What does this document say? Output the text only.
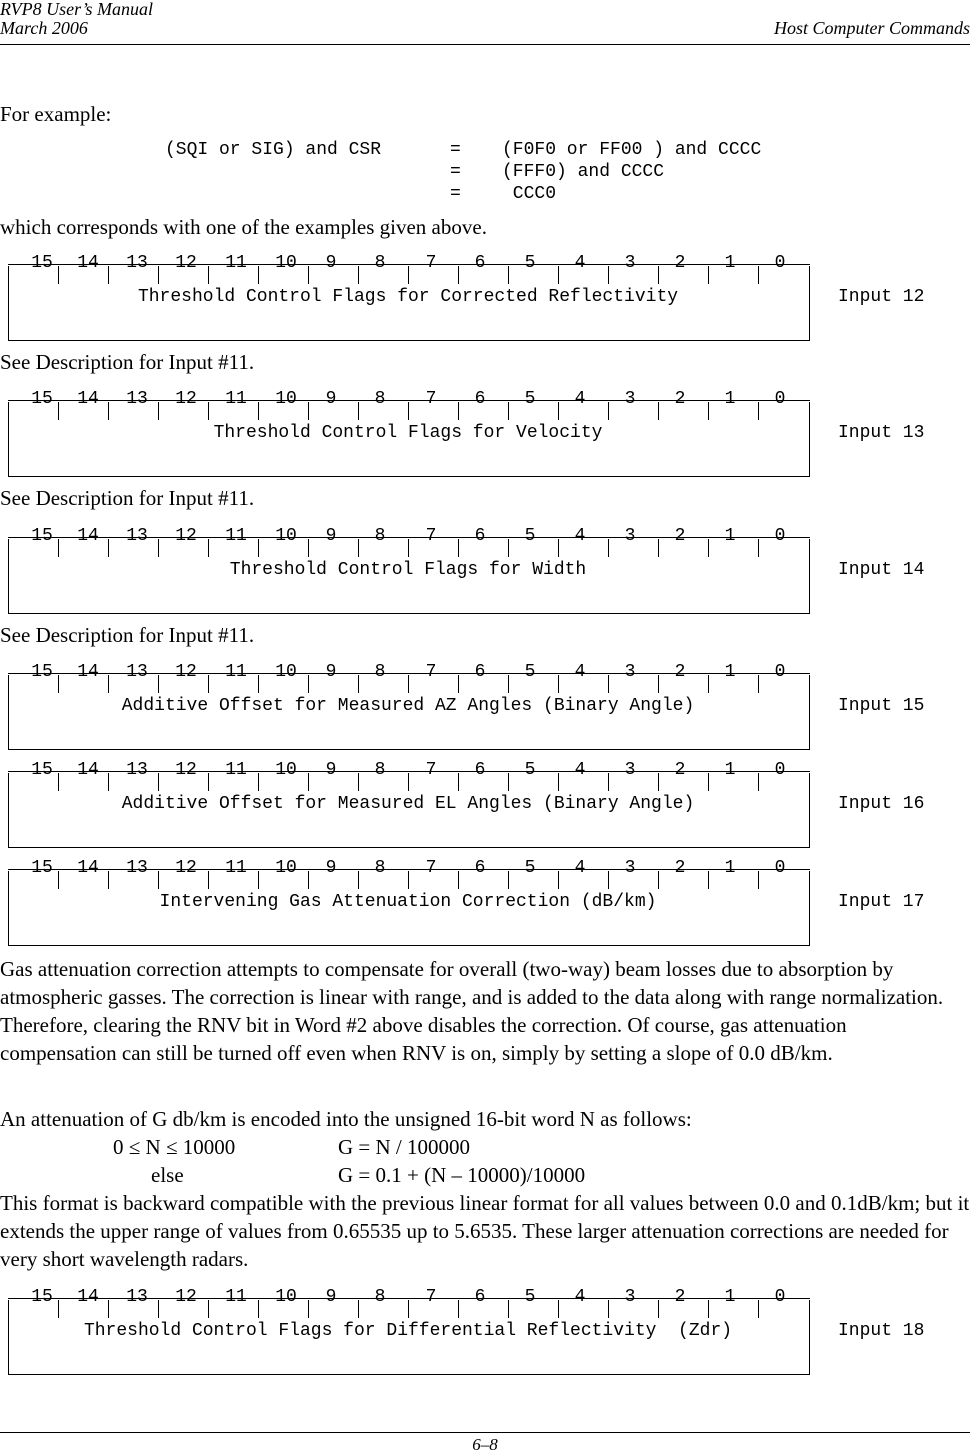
RVP8 User’s Manual
March 2006	Host Computer Commands
For example:
(SQI or SIG) and CSR	= (F0F0 or FF00 ) and CCCC
= (FFF0) and CCCC
= CCC0
which corresponds with one of the examples given above.
15 14 13 12 11 10 9 8 7 6 5 4 3 2 1 0
Threshold Control Flags for Corrected Reflectivity	Input 12
See Description for Input #11.
15 14 13 12 11 10 9 8 7 6 5 4 3 2 1 0
Threshold Control Flags for Velocity	Input 13
See Description for Input #11.
15 14 13 12 11 10 9 8 7 6 5 4 3 2 1 0
Threshold Control Flags for Width	Input 14
See Description for Input #11.
15 14 13 12 11 10 9 8 7 6 5 4 3 2 1 0
Additive Offset for Measured AZ Angles (Binary Angle)	Input 15
15 14 13 12 11 10 9 8 7 6 5 4 3 2 1 0
Additive Offset for Measured EL Angles (Binary Angle)	Input 16
15 14 13 12 11 10 9 8 7 6 5 4 3 2 1 0
Intervening Gas Attenuation Correction (dB/km)	Input 17
Gas attenuation correction attempts to compensate for overall (two-way) beam losses due to absorption by atmospheric gasses. The correction is linear with range, and is added to the data along with range normalization. Therefore, clearing the RNV bit in Word #2 above disables the correction. Of course, gas attenuation compensation can still be turned off even when RNV is on, simply by setting a slope of 0.0 dB/km.
An attenuation of G db/km is encoded into the unsigned 16-bit word N as follows:
0 ≤ N ≤ 10000	G = N / 100000
else	G = 0.1 + (N – 10000)/10000
This format is backward compatible with the previous linear format for all values between 0.0 and 0.1dB/km; but it extends the upper range of values from 0.65535 up to 5.6535. These larger attenuation corrections are needed for very short wavelength radars.
15 14 13 12 11 10 9 8 7 6 5 4 3 2 1 0
Threshold Control Flags for Differential Reflectivity  (Zdr)	Input 18
6–8
